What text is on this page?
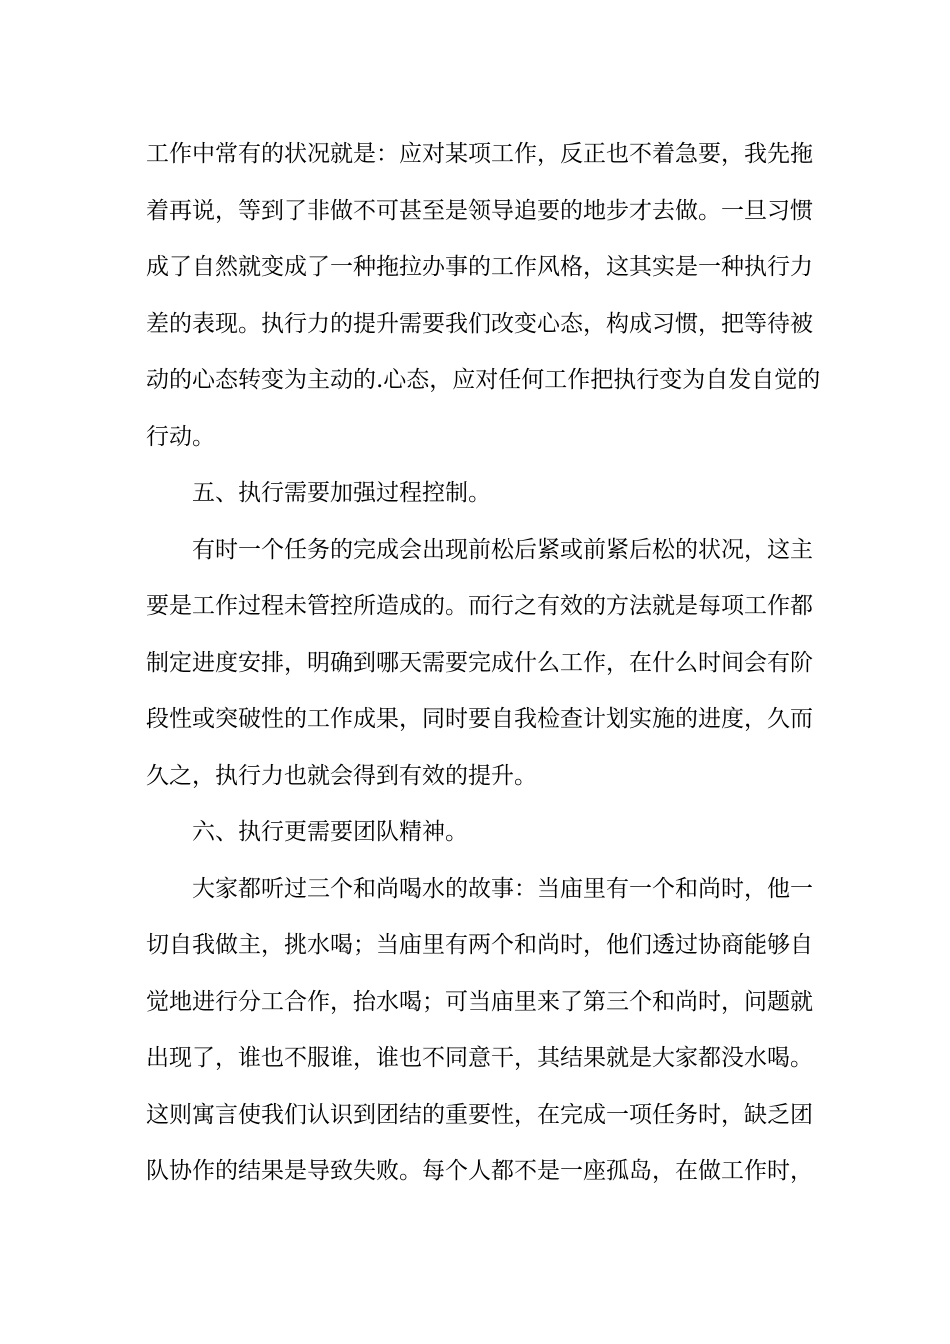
工作中常有的状况就是：应对某项工作，反正也不着急要，我先拖
着再说，等到了非做不可甚至是领导追要的地步才去做。一旦习惯
成了自然就变成了一种拖拉办事的工作风格，这其实是一种执行力
差的表现。执行力的提升需要我们改变心态，构成习惯，把等待被
动的心态转变为主动的.心态，应对任何工作把执行变为自发自觉的
行动。
五、执行需要加强过程控制。
有时一个任务的完成会出现前松后紧或前紧后松的状况，这主
要是工作过程未管控所造成的。而行之有效的方法就是每项工作都
制定进度安排，明确到哪天需要完成什么工作，在什么时间会有阶
段性或突破性的工作成果，同时要自我检查计划实施的进度，久而
久之，执行力也就会得到有效的提升。
六、执行更需要团队精神。
大家都听过三个和尚喝水的故事：当庙里有一个和尚时，他一
切自我做主，挑水喝；当庙里有两个和尚时，他们透过协商能够自
觉地进行分工合作，抬水喝；可当庙里来了第三个和尚时，问题就
出现了，谁也不服谁，谁也不同意干，其结果就是大家都没水喝。
这则寓言使我们认识到团结的重要性，在完成一项任务时，缺乏团
队协作的结果是导致失败。每个人都不是一座孤岛，在做工作时，
